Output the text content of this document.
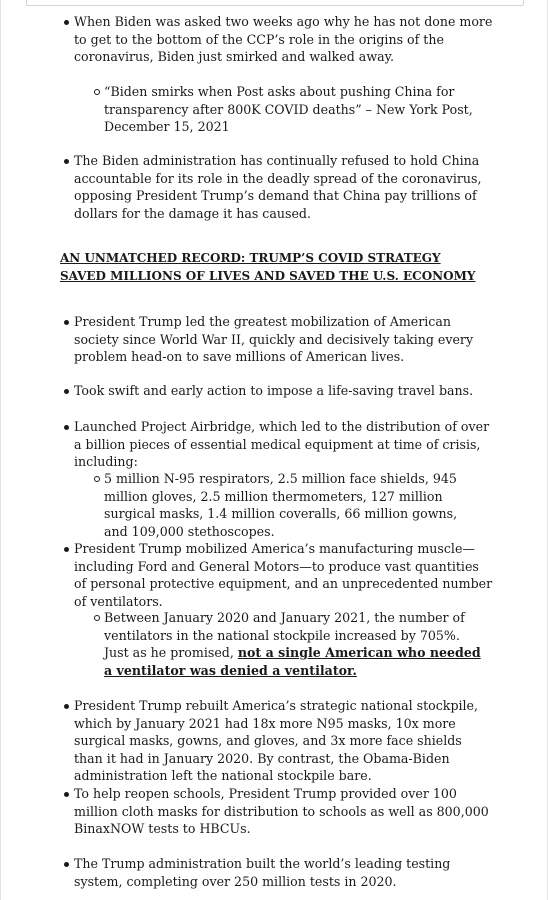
When Biden was asked two weeks ago why he has not done more to get to the bottom of the CCP’s role in the origins of the coronavirus, Biden just smirked and walked away.

“Biden smirks when Post asks about pushing China for transparency after 800K COVID deaths” – New York Post, December 15, 2021

The Biden administration has continually refused to hold China accountable for its role in the deadly spread of the coronavirus, opposing President Trump’s demand that China pay trillions of dollars for the damage it has caused.

AN UNMATCHED RECORD: TRUMP’S COVID STRATEGY SAVED MILLIONS OF LIVES AND SAVED THE U.S. ECONOMY

President Trump led the greatest mobilization of American society since World War II, quickly and decisively taking every problem head-on to save millions of American lives.

Took swift and early action to impose a life-saving travel bans.

Launched Project Airbridge, which led to the distribution of over a billion pieces of essential medical equipment at time of crisis, including:

5 million N-95 respirators, 2.5 million face shields, 945 million gloves, 2.5 million thermometers, 127 million surgical masks, 1.4 million coveralls, 66 million gowns, and 109,000 stethoscopes.

President Trump mobilized America’s manufacturing muscle—including Ford and General Motors—to produce vast quantities of personal protective equipment, and an unprecedented number of ventilators.

Between January 2020 and January 2021, the number of ventilators in the national stockpile increased by 705%. Just as he promised, not a single American who needed a ventilator was denied a ventilator.

President Trump rebuilt America’s strategic national stockpile, which by January 2021 had 18x more N95 masks, 10x more surgical masks, gowns, and gloves, and 3x more face shields than it had in January 2020. By contrast, the Obama-Biden administration left the national stockpile bare.

To help reopen schools, President Trump provided over 100 million cloth masks for distribution to schools as well as 800,000 BinaxNOW tests to HBCUs.

The Trump administration built the world’s leading testing system, completing over 250 million tests in 2020.
